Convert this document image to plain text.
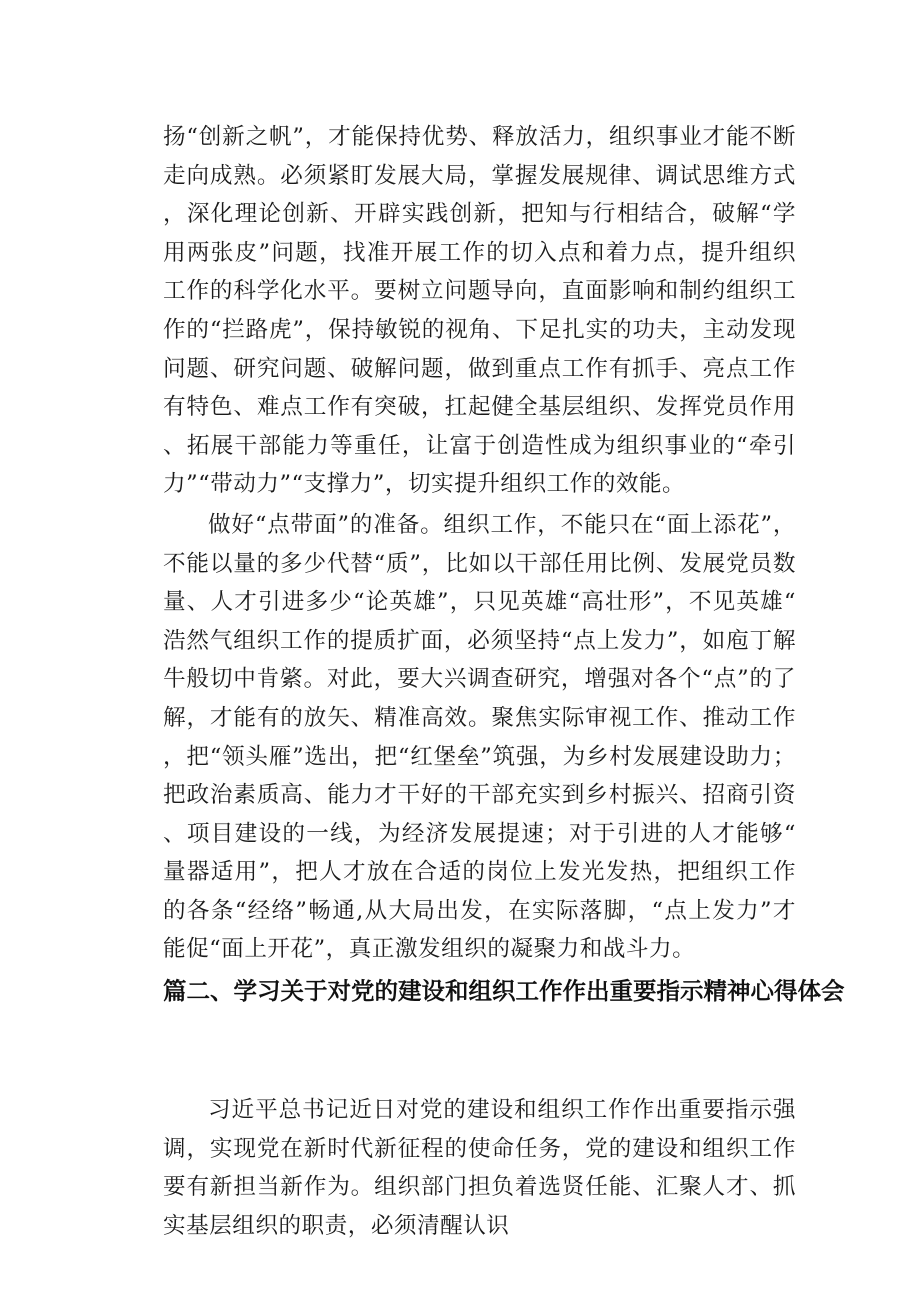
扬“创新之帆”，才能保持优势、释放活力，组织事业才能不断走向成熟。必须紧盯发展大局，掌握发展规律、调试思维方式，深化理论创新、开辟实践创新，把知与行相结合，破解“学用两张皮”问题，找准开展工作的切入点和着力点，提升组织工作的科学化水平。要树立问题导向，直面影响和制约组织工作的“拦路虎”，保持敏锐的视角、下足扎实的功夫，主动发现问题、研究问题、破解问题，做到重点工作有抓手、亮点工作有特色、难点工作有突破，扛起健全基层组织、发挥党员作用、拓展干部能力等重任，让富于创造性成为组织事业的“牵引力”“带动力”“支撑力”，切实提升组织工作的效能。

做好“点带面”的准备。组织工作，不能只在“面上添花”，不能以量的多少代替“质”，比如以干部任用比例、发展党员数量、人才引进多少“论英雄”，只见英雄“高壮形”，不见英雄“浩然气组织工作的提质扩面，必须坚持“点上发力”，如庖丁解牛般切中肯綮。对此，要大兴调查研究，增强对各个“点”的了解，才能有的放矢、精准高效。聚焦实际审视工作、推动工作，把“领头雁”选出，把“红堡垒”筑强，为乡村发展建设助力；把政治素质高、能力才干好的干部充实到乡村振兴、招商引资、项目建设的一线，为经济发展提速；对于引进的人才能够“量器适用”，把人才放在合适的岗位上发光发热，把组织工作的各条“经络”畅通,从大局出发，在实际落脚，“点上发力”才能促“面上开花”，真正激发组织的凝聚力和战斗力。

篇二、学习关于对党的建设和组织工作作出重要指示精神心得体会

习近平总书记近日对党的建设和组织工作作出重要指示强调，实现党在新时代新征程的使命任务，党的建设和组织工作要有新担当新作为。组织部门担负着选贤任能、汇聚人才、抓实基层组织的职责，必须清醒认识
